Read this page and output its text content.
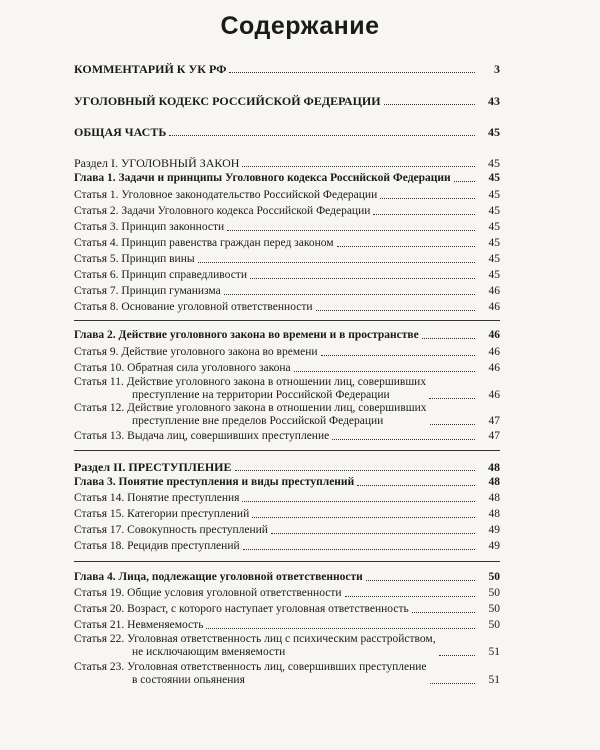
Содержание
КОММЕНТАРИЙ К УК РФ	3
УГОЛОВНЫЙ КОДЕКС РОССИЙСКОЙ ФЕДЕРАЦИИ	43
ОБЩАЯ ЧАСТЬ	45
Раздел I. УГОЛОВНЫЙ ЗАКОН	45
Глава 1. Задачи и принципы Уголовного кодекса Российской Федерации	45
Статья 1. Уголовное законодательство Российской Федерации	45
Статья 2. Задачи Уголовного кодекса Российской Федерации	45
Статья 3. Принцип законности	45
Статья 4. Принцип равенства граждан перед законом	45
Статья 5. Принцип вины	45
Статья 6. Принцип справедливости	45
Статья 7. Принцип гуманизма	46
Статья 8. Основание уголовной ответственности	46
Глава 2. Действие уголовного закона во времени и в пространстве	46
Статья 9. Действие уголовного закона во времени	46
Статья 10. Обратная сила уголовного закона	46
Статья 11. Действие уголовного закона в отношении лиц, совершивших
преступление на территории Российской Федерации	46
Статья 12. Действие уголовного закона в отношении лиц, совершивших
преступление вне пределов Российской Федерации	47
Статья 13. Выдача лиц, совершивших преступление	47
Раздел II. ПРЕСТУПЛЕНИЕ	48
Глава 3. Понятие преступления и виды преступлений	48
Статья 14. Понятие преступления	48
Статья 15. Категории преступлений	48
Статья 17. Совокупность преступлений	49
Статья 18. Рецидив преступлений	49
Глава 4. Лица, подлежащие уголовной ответственности	50
Статья 19. Общие условия уголовной ответственности	50
Статья 20. Возраст, с которого наступает уголовная ответственность	50
Статья 21. Невменяемость	50
Статья 22. Уголовная ответственность лиц с психическим расстройством,
не исключающим вменяемости	51
Статья 23. Уголовная ответственность лиц, совершивших преступление
в состоянии опьянения	51
